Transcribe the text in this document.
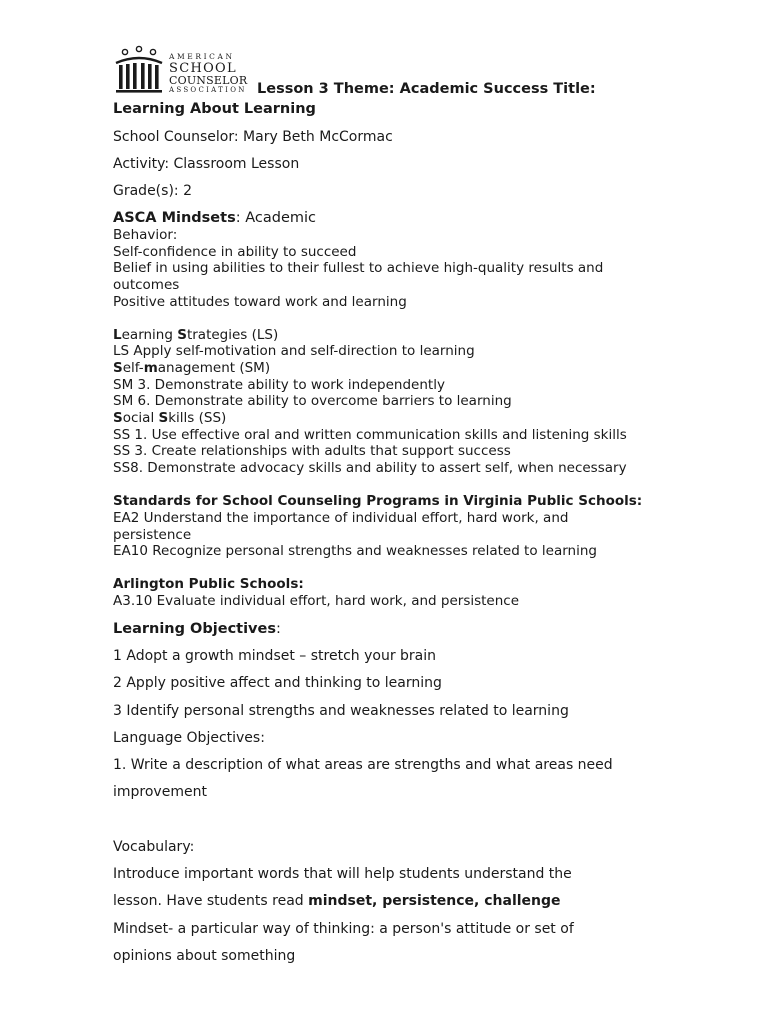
AMERICAN
SCHOOL
COUNSELOR
ASSOCIATION Lesson 3 Theme: Academic Success Title:
Learning About Learning

School Counselor: Mary Beth McCormac

Activity: Classroom Lesson

Grade(s): 2

ASCA Mindsets: Academic

Behavior:

Self-confidence in ability to succeed

Belief in using abilities to their fullest to achieve high-quality results and outcomes

Positive attitudes toward work and learning

Learning Strategies (LS)

LS Apply self-motivation and self-direction to learning

Self-management (SM)

SM 3. Demonstrate ability to work independently

SM 6. Demonstrate ability to overcome barriers to learning

Social Skills (SS)

SS 1. Use effective oral and written communication skills and listening skills

SS 3. Create relationships with adults that support success

SS8. Demonstrate advocacy skills and ability to assert self, when necessary

Standards for School Counseling Programs in Virginia Public Schools:

EA2 Understand the importance of individual effort, hard work, and persistence

EA10 Recognize personal strengths and weaknesses related to learning

Arlington Public Schools:

A3.10 Evaluate individual effort, hard work, and persistence

Learning Objectives:

1 Adopt a growth mindset – stretch your brain

2 Apply positive affect and thinking to learning

3 Identify personal strengths and weaknesses related to learning

Language Objectives:

1. Write a description of what areas are strengths and what areas need improvement

Vocabulary:

Introduce important words that will help students understand the lesson. Have students read mindset, persistence, challenge

Mindset- a particular way of thinking: a person's attitude or set of opinions about something
